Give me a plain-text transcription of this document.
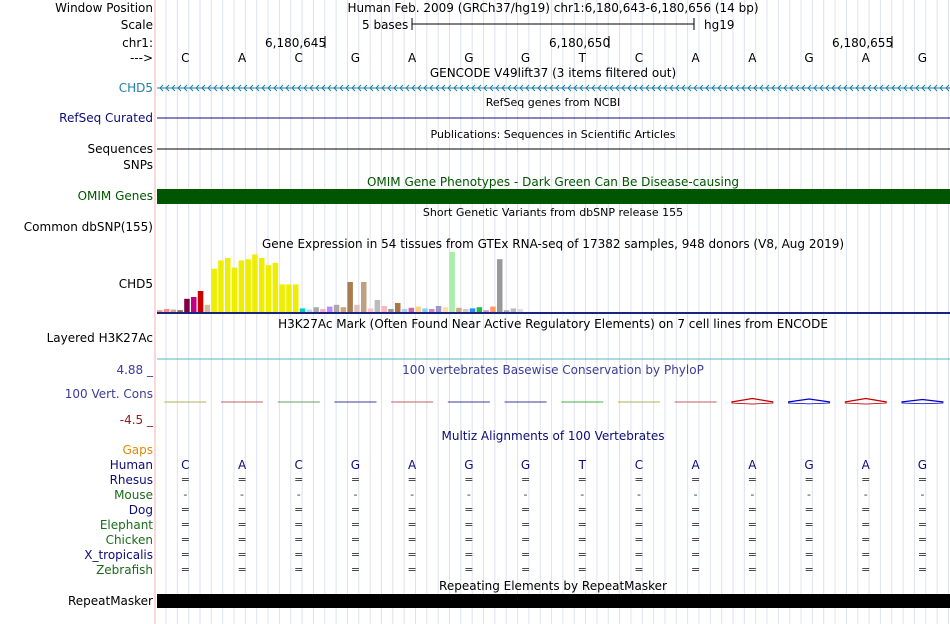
Window Position	Human Feb. 2009 (GRCh37/hg19) chr1:6,180,643-6,180,656 (14 bp)
Scale	5 bases	hg19
chr1:	6,180,645	6,180,650	6,180,655
--->	C	A	C	G	A	G	G	T	C	A	A	G	A	G
GENCODE V49lift37 (3 items filtered out)
CHD5
RefSeq genes from NCBI
RefSeq Curated
Publications: Sequences in Scientific Articles
Sequences
SNPs
OMIM Gene Phenotypes - Dark Green Can Be Disease-causing
OMIM Genes
Short Genetic Variants from dbSNP release 155
Common dbSNP(155)
Gene Expression in 54 tissues from GTEx RNA-seq of 17382 samples, 948 donors (V8, Aug 2019)
CHD5
H3K27Ac Mark (Often Found Near Active Regulatory Elements) on 7 cell lines from ENCODE
Layered H3K27Ac
100 vertebrates Basewise Conservation by PhyloP
4.88 _
100 Vert. Cons
-4.5 _
Multiz Alignments of 100 Vertebrates
Gaps
Human	C	A	C	G	A	G	G	T	C	A	A	G	A	G
Rhesus	=	=	=	=	=	=	=	=	=	=	=	=	=	=
Mouse	-	-	-	-	-	-	-	-	-	-	-	-	-	-
Dog	=	=	=	=	=	=	=	=	=	=	=	=	=	=
Elephant	=	=	=	=	=	=	=	=	=	=	=	=	=	=
Chicken	=	=	=	=	=	=	=	=	=	=	=	=	=	=
X_tropicalis	=	=	=	=	=	=	=	=	=	=	=	=	=	=
Zebrafish	=	=	=	=	=	=	=	=	=	=	=	=	=	=
Repeating Elements by RepeatMasker
RepeatMasker
